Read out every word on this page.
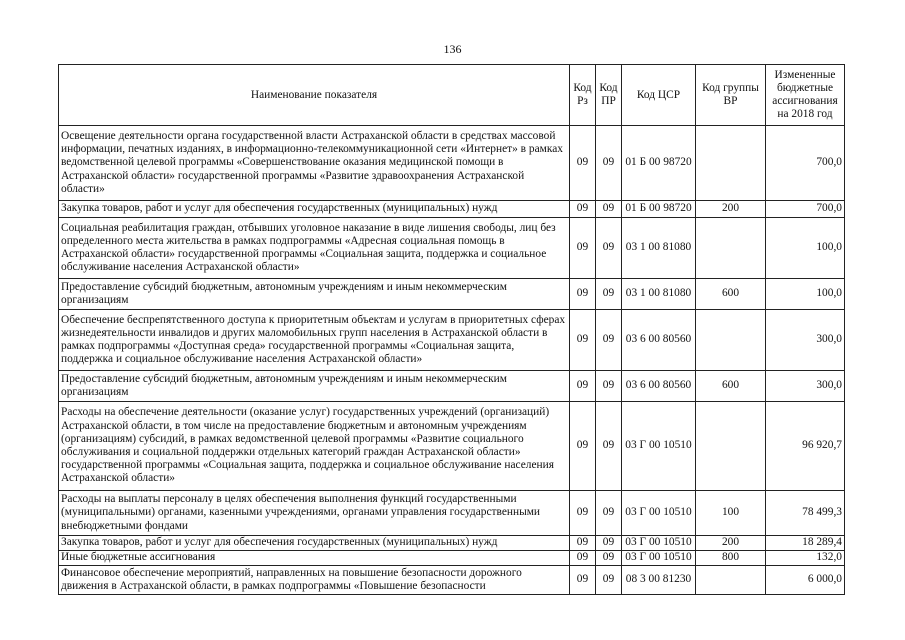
136
Наименование показателя	Код Рз	Код ПР	Код ЦСР	Код группы ВР	Измененные бюджетные ассигнования на 2018 год
Освещение деятельности органа государственной власти Астраханской области в средствах массовой информации, печатных изданиях, в информационно-телекоммуникационной сети «Интернет» в рамках ведомственной целевой программы «Совершенствование оказания медицинской помощи в Астраханской области» государственной программы «Развитие здравоохранения Астраханской области»	09	09	01 Б 00 98720		700,0
Закупка товаров, работ и услуг для обеспечения государственных (муниципальных) нужд	09	09	01 Б 00 98720	200	700,0
Социальная реабилитация граждан, отбывших уголовное наказание в виде лишения свободы, лиц без определенного места жительства в рамках подпрограммы «Адресная социальная помощь в Астраханской области» государственной программы «Социальная защита, поддержка и социальное обслуживание населения Астраханской области»	09	09	03 1 00 81080		100,0
Предоставление субсидий бюджетным, автономным учреждениям и иным некоммерческим организациям	09	09	03 1 00 81080	600	100,0
Обеспечение беспрепятственного доступа к приоритетным объектам и услугам в приоритетных сферах жизнедеятельности инвалидов и других маломобильных групп населения в Астраханской области в рамках подпрограммы «Доступная среда» государственной программы «Социальная защита, поддержка и социальное обслуживание населения Астраханской области»	09	09	03 6 00 80560		300,0
Предоставление субсидий бюджетным, автономным учреждениям и иным некоммерческим организациям	09	09	03 6 00 80560	600	300,0
Расходы на обеспечение деятельности (оказание услуг) государственных учреждений (организаций) Астраханской области, в том числе на предоставление бюджетным и автономным учреждениям (организациям) субсидий, в рамках ведомственной целевой программы «Развитие социального обслуживания и социальной поддержки отдельных категорий граждан Астраханской области» государственной программы «Социальная защита, поддержка и социальное обслуживание населения Астраханской области»	09	09	03 Г 00 10510		96 920,7
Расходы на выплаты персоналу в целях обеспечения выполнения функций государственными (муниципальными) органами, казенными учреждениями, органами управления государственными внебюджетными фондами	09	09	03 Г 00 10510	100	78 499,3
Закупка товаров, работ и услуг для обеспечения государственных (муниципальных) нужд	09	09	03 Г 00 10510	200	18 289,4
Иные бюджетные ассигнования	09	09	03 Г 00 10510	800	132,0
Финансовое обеспечение мероприятий, направленных на повышение безопасности дорожного движения в Астраханской области, в рамках подпрограммы «Повышение безопасности	09	09	08 3 00 81230		6 000,0
